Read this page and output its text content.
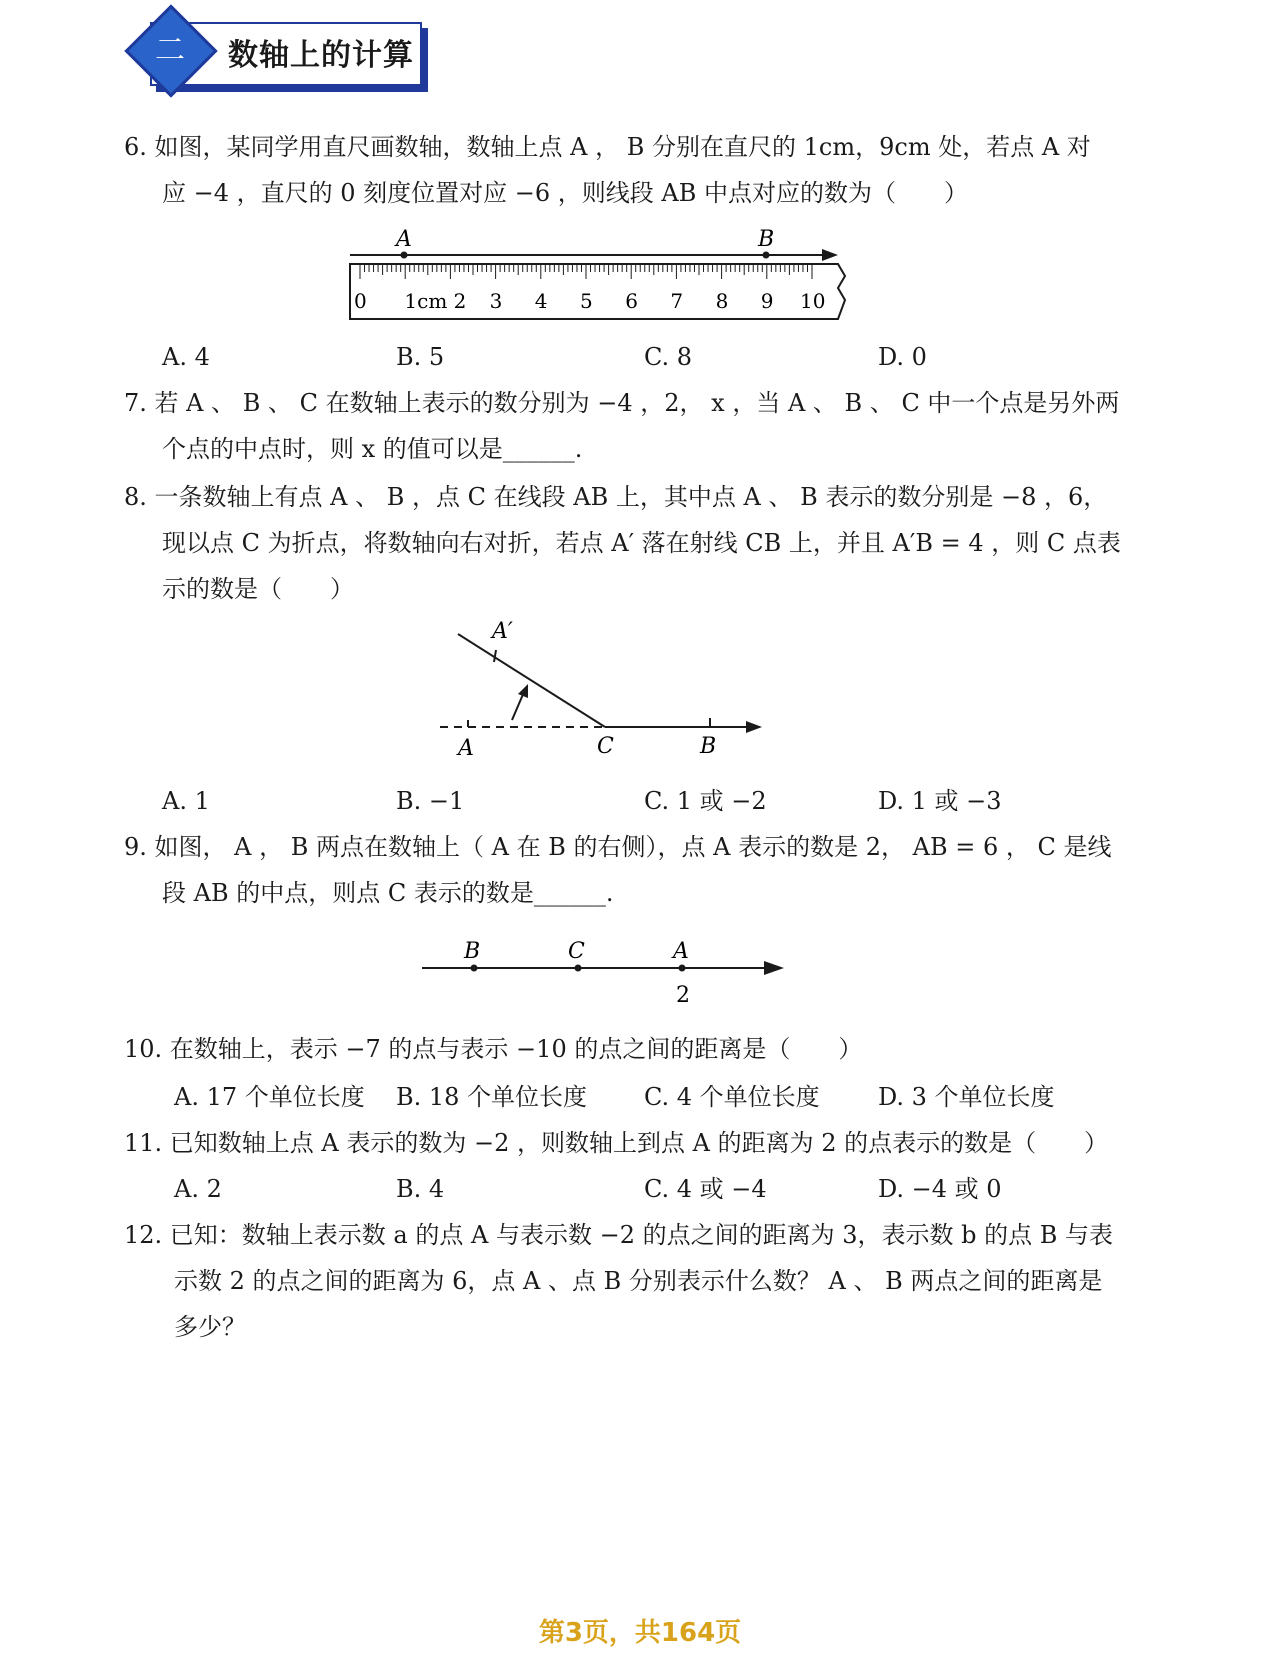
二 数轴上的计算
6. 如图，某同学用直尺画数轴，数轴上点 A ， B 分别在直尺的 1cm，9cm 处，若点 A 对
应 −4 ，直尺的 0 刻度位置对应 −6 ，则线段 AB 中点对应的数为（　　）
A	B
0 1cm 2 3 4 5 6 7 8 9 10
A. 4	B. 5	C. 8	D. 0
7. 若 A 、 B 、 C 在数轴上表示的数分别为 −4 ，2， x ，当 A 、 B 、 C 中一个点是另外两
个点的中点时，则 x 的值可以是______.
8. 一条数轴上有点 A 、 B ，点 C 在线段 AB 上，其中点 A 、 B 表示的数分别是 −8 ，6，
现以点 C 为折点，将数轴向右对折，若点 A′ 落在射线 CB 上，并且 A′B = 4 ，则 C 点表
示的数是（　　）
A′
A	C	B
A. 1	B. −1	C. 1 或 −2	D. 1 或 −3
9. 如图， A ， B 两点在数轴上（ A 在 B 的右侧），点 A 表示的数是 2， AB = 6 ， C 是线
段 AB 的中点，则点 C 表示的数是______.
B	C	A
2
10. 在数轴上，表示 −7 的点与表示 −10 的点之间的距离是（　　）
A. 17 个单位长度 B. 18 个单位长度 C. 4 个单位长度 D. 3 个单位长度
11. 已知数轴上点 A 表示的数为 −2 ，则数轴上到点 A 的距离为 2 的点表示的数是（　　）
A. 2	B. 4	C. 4 或 −4	D. −4 或 0
12. 已知：数轴上表示数 a 的点 A 与表示数 −2 的点之间的距离为 3，表示数 b 的点 B 与表
示数 2 的点之间的距离为 6，点 A 、点 B 分别表示什么数？ A 、 B 两点之间的距离是
多少？
第3页，共164页
